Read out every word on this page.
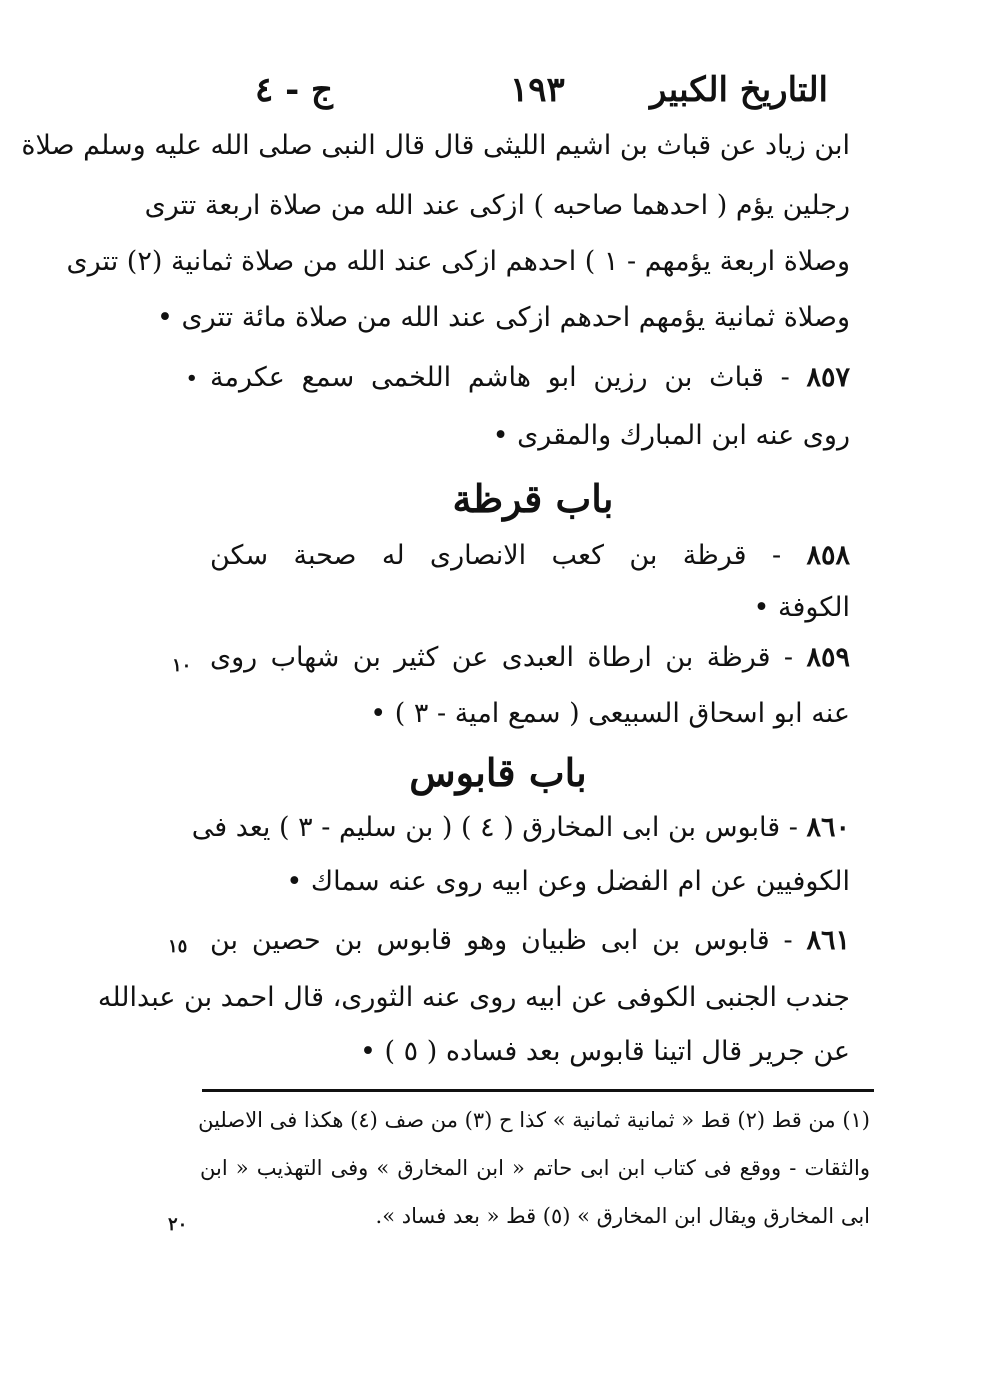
التاريخ الكبير
١٩٣
ج - ٤
ابن زياد عن قباث بن اشيم الليثى قال قال النبى صلى الله عليه وسلم صلاة
رجلين يؤم ( احدهما صاحبه ) ازكى عند الله من صلاة اربعة تترى
وصلاة اربعة يؤمهم - ١ ) احدهم ازكى عند الله من صلاة ثمانية (٢) تترى
وصلاة ثمانية يؤمهم احدهم ازكى عند الله من صلاة مائة تترى •
٨٥٧ - قباث بن رزين ابو هاشم اللخمى سمع عكرمة
•
روى عنه ابن المبارك والمقرى •
باب قرظة
٨٥٨ - قرظة بن كعب الانصارى له صحبة سكن
الكوفة •
٨٥٩ - قرظة بن ارطاة العبدى عن كثير بن شهاب روى
١٠
عنه ابو اسحاق السبيعى ( سمع امية - ٣ ) •
باب قابوس
٨٦٠ - قابوس بن ابى المخارق ( ٤ ) ( بن سليم - ٣ ) يعد فى
الكوفيين عن ام الفضل وعن ابيه روى عنه سماك •
٨٦١ - قابوس بن ابى ظبيان وهو قابوس بن حصين بن
١٥
جندب الجنبى الكوفى عن ابيه روى عنه الثورى، قال احمد بن عبدالله
عن جرير قال اتينا قابوس بعد فساده ( ٥ ) •
(١) من قط (٢) قط « ثمانية ثمانية » كذا ح (٣) من صف (٤) هكذا فى الاصلين
والثقات - ووقع فى كتاب ابن ابى حاتم « ابن المخارق » وفى التهذيب « ابن
ابى المخارق ويقال ابن المخارق » (٥) قط « بعد فساد ».
٢٠
